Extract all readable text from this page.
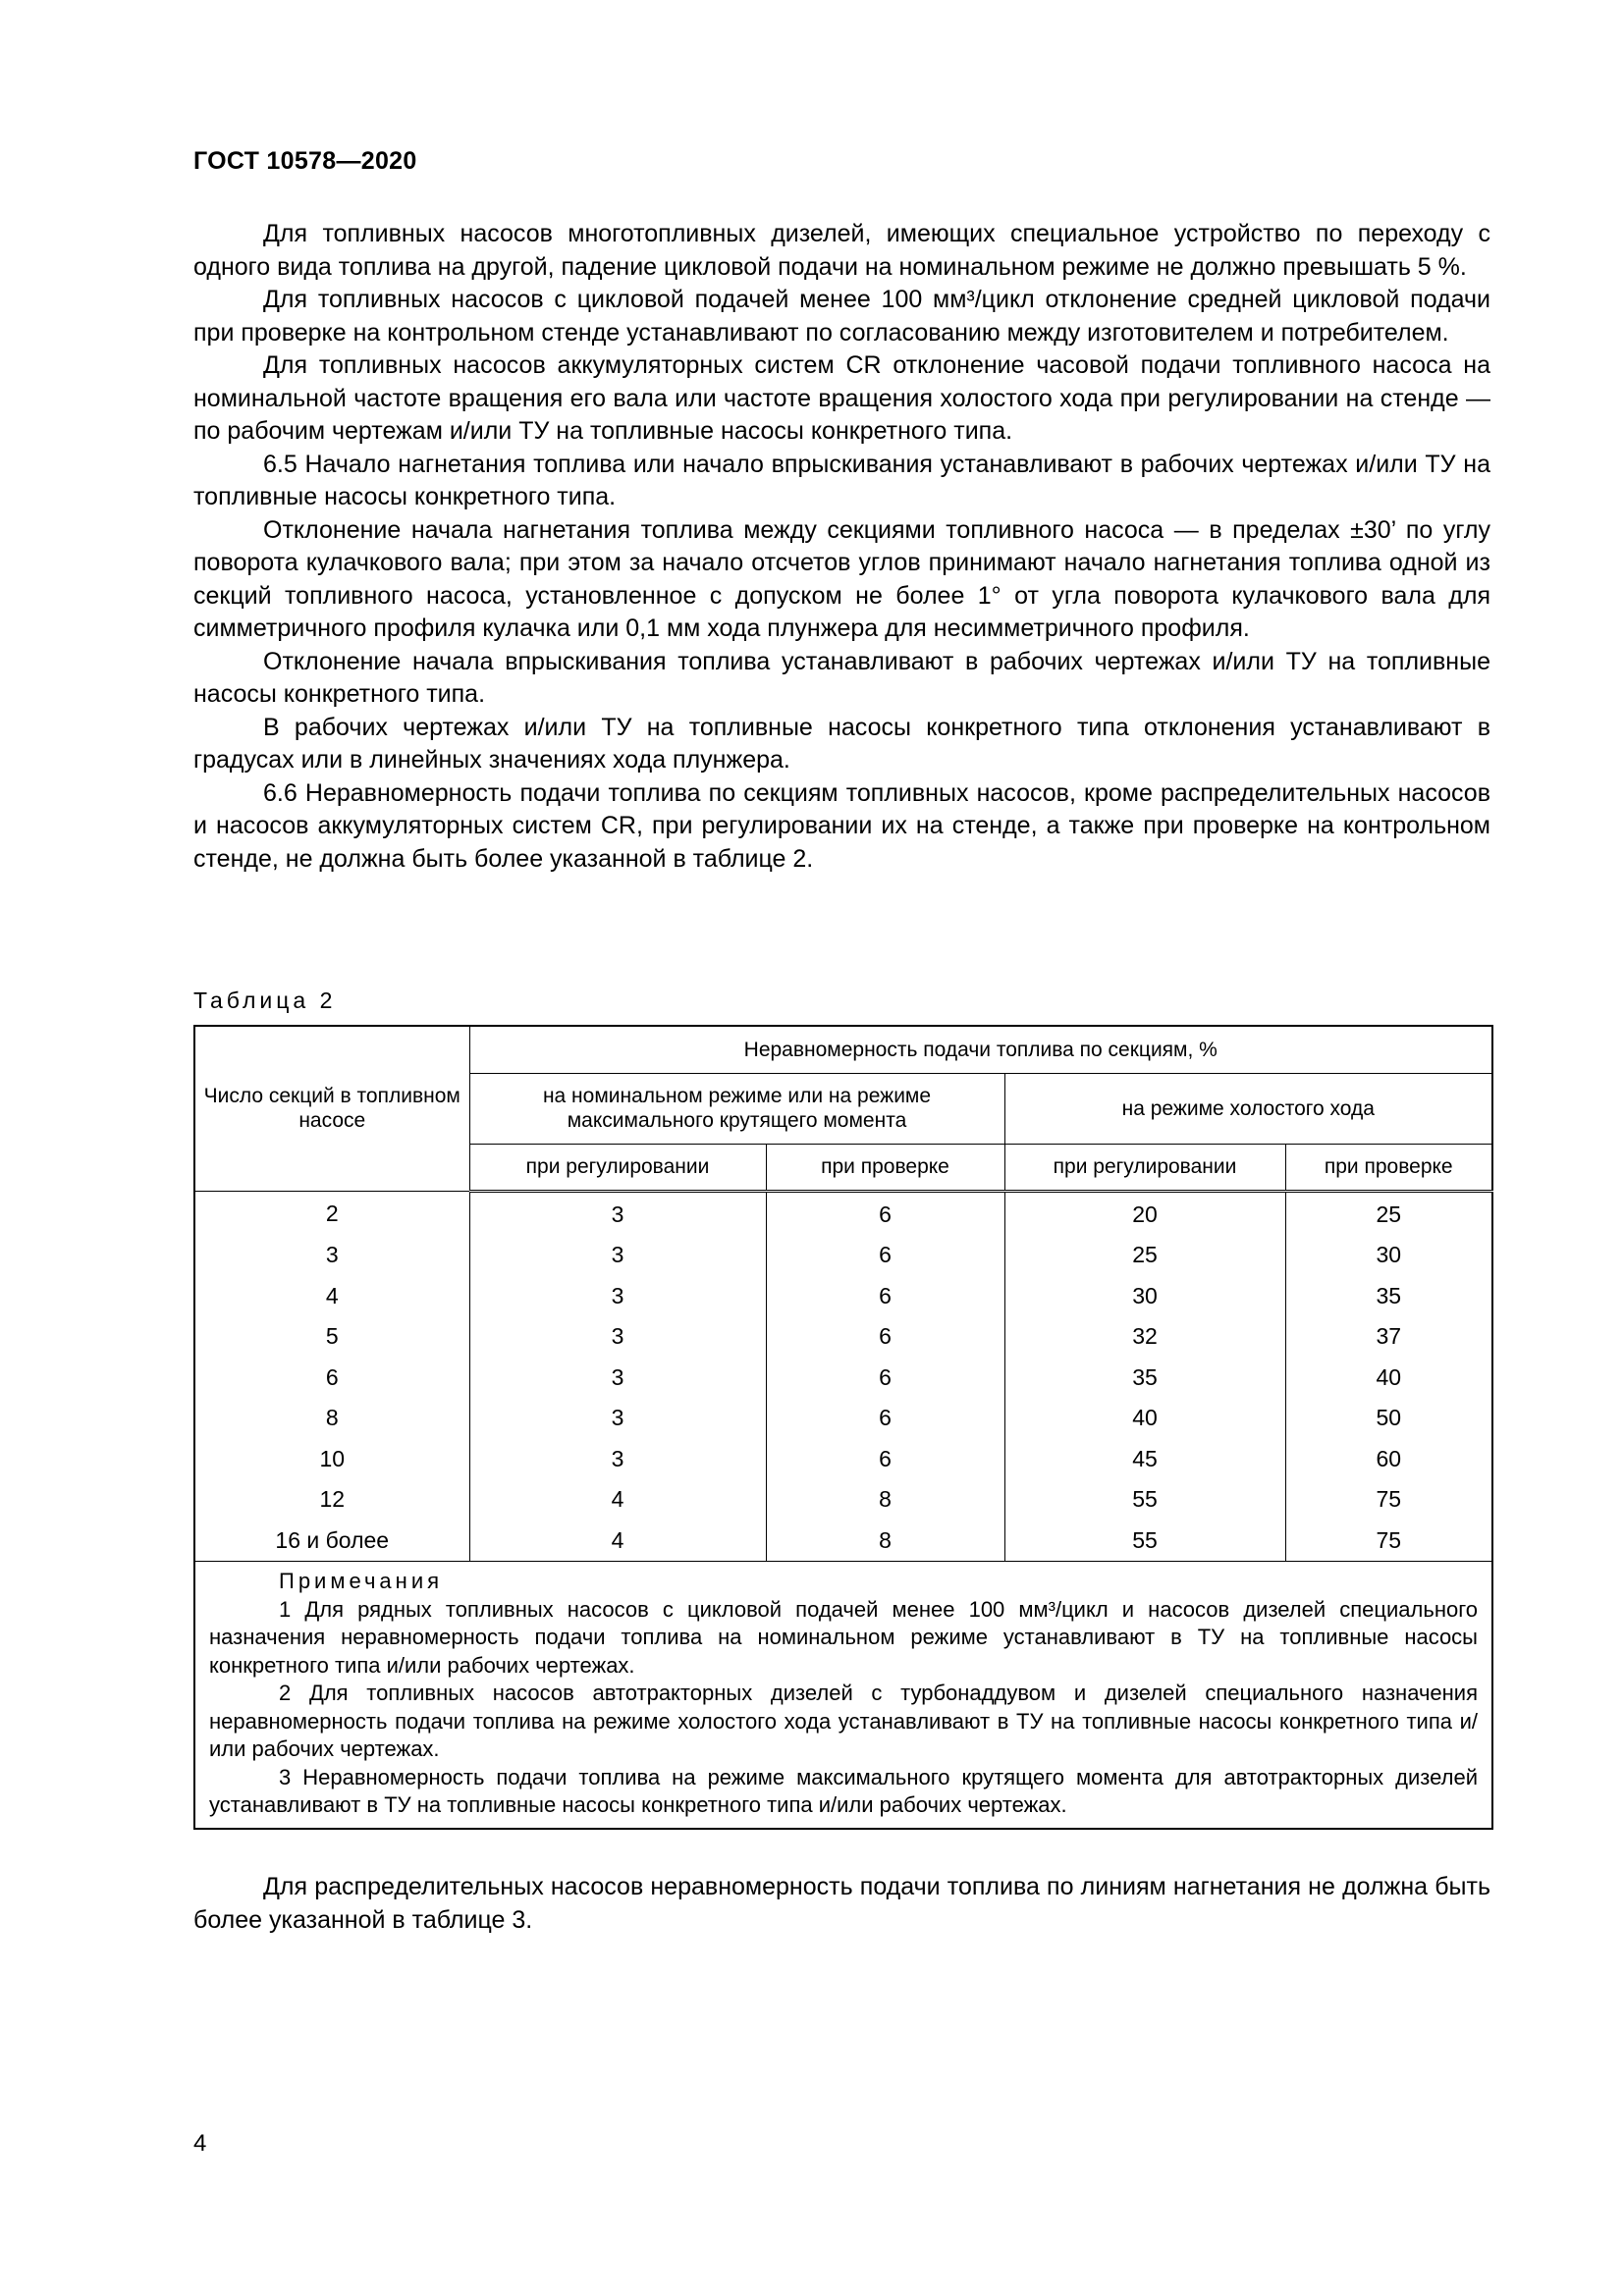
ГОСТ 10578—2020

Для топливных насосов многотопливных дизелей, имеющих специальное устройство по переходу с одного вида топлива на другой, падение цикловой подачи на номинальном режиме не должно превышать 5 %.

Для топливных насосов с цикловой подачей менее 100 мм³/цикл отклонение средней цикловой подачи при проверке на контрольном стенде устанавливают по согласованию между изготовителем и потребителем.

Для топливных насосов аккумуляторных систем CR отклонение часовой подачи топливного насоса на номинальной частоте вращения его вала или частоте вращения холостого хода при регулировании на стенде — по рабочим чертежам и/или ТУ на топливные насосы конкретного типа.

6.5 Начало нагнетания топлива или начало впрыскивания устанавливают в рабочих чертежах и/или ТУ на топливные насосы конкретного типа.

Отклонение начала нагнетания топлива между секциями топливного насоса — в пределах ±30’ по углу поворота кулачкового вала; при этом за начало отсчетов углов принимают начало нагнетания топлива одной из секций топливного насоса, установленное с допуском не более 1° от угла поворота кулачкового вала для симметричного профиля кулачка или 0,1 мм хода плунжера для несимметричного профиля.

Отклонение начала впрыскивания топлива устанавливают в рабочих чертежах и/или ТУ на топливные насосы конкретного типа.

В рабочих чертежах и/или ТУ на топливные насосы конкретного типа отклонения устанавливают в градусах или в линейных значениях хода плунжера.

6.6 Неравномерность подачи топлива по секциям топливных насосов, кроме распределительных насосов и насосов аккумуляторных систем CR, при регулировании их на стенде, а также при проверке на контрольном стенде, не должна быть более указанной в таблице 2.

Таблица 2
Число секций в топливном насосе	Неравномерность подачи топлива по секциям, %			
	на номинальном режиме или на режиме максимального крутящего момента		на режиме холостого хода	
	при регулировании	при проверке	при регулировании	при проверке
2	3	6	20	25
3	3	6	25	30
4	3	6	30	35
5	3	6	32	37
6	3	6	35	40
8	3	6	40	50
10	3	6	45	60
12	4	8	55	75
16 и более	4	8	55	75

Примечания

1 Для рядных топливных насосов с цикловой подачей менее 100 мм³/цикл и насосов дизелей специального назначения неравномерность подачи топлива на номинальном режиме устанавливают в ТУ на топливные насосы конкретного типа и/или рабочих чертежах.

2 Для топливных насосов автотракторных дизелей с турбонаддувом и дизелей специального назначения неравномерность подачи топлива на режиме холостого хода устанавливают в ТУ на топливные насосы конкретного типа и/или рабочих чертежах.

3 Неравномерность подачи топлива на режиме максимального крутящего момента для автотракторных дизелей устанавливают в ТУ на топливные насосы конкретного типа и/или рабочих чертежах.				

Для распределительных насосов неравномерность подачи топлива по линиям нагнетания не должна быть более указанной в таблице 3.

4
